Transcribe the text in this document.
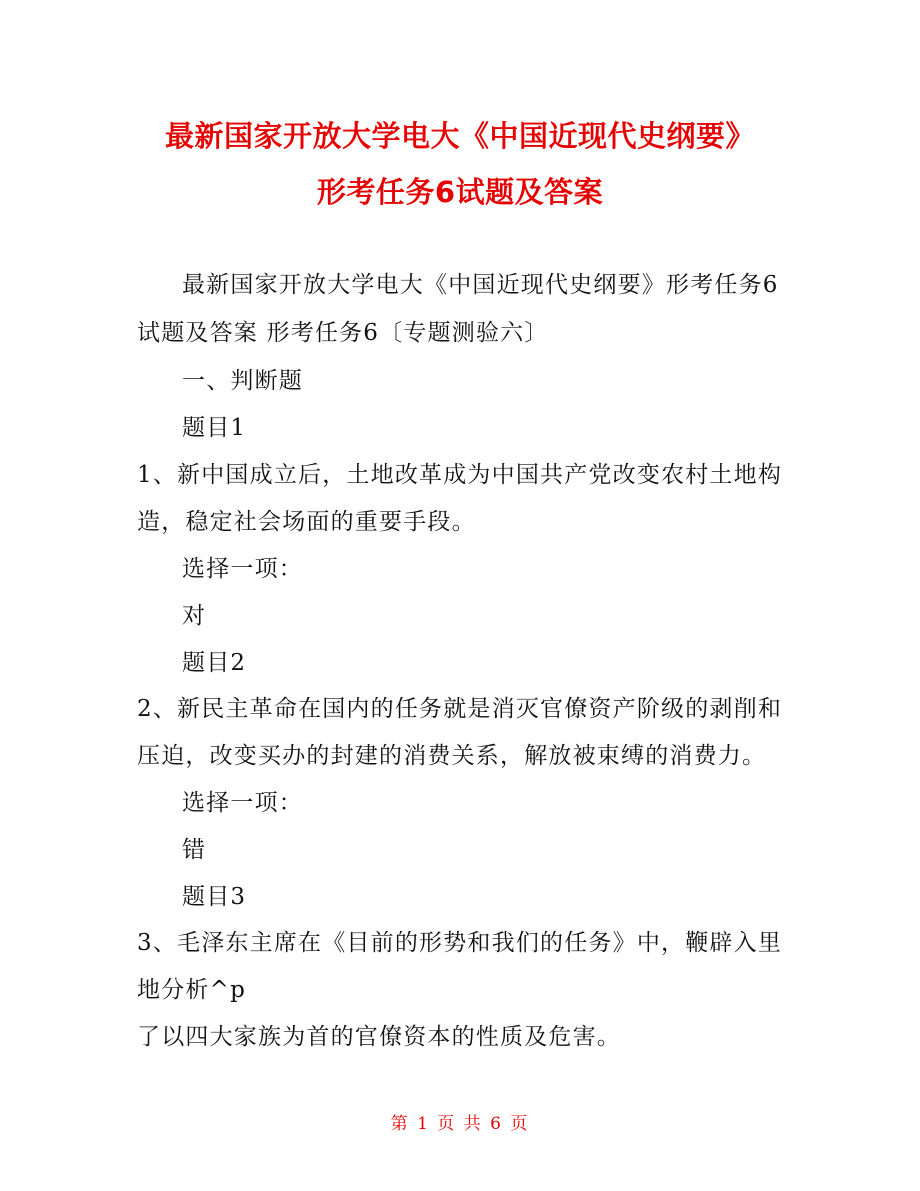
最新国家开放大学电大《中国近现代史纲要》
形考任务6试题及答案
最新国家开放大学电大《中国近现代史纲要》形考任务6
试题及答案 形考任务6〔专题测验六〕
一、判断题
题目1
1、新中国成立后，土地改革成为中国共产党改变农村土地构
造，稳定社会场面的重要手段。
选择一项：
对
题目2
2、新民主革命在国内的任务就是消灭官僚资产阶级的剥削和
压迫，改变买办的封建的消费关系，解放被束缚的消费力。
选择一项：
错
题目3
3、毛泽东主席在《目前的形势和我们的任务》中，鞭辟入里
地分析^p
了以四大家族为首的官僚资本的性质及危害。
第 1 页 共 6 页
